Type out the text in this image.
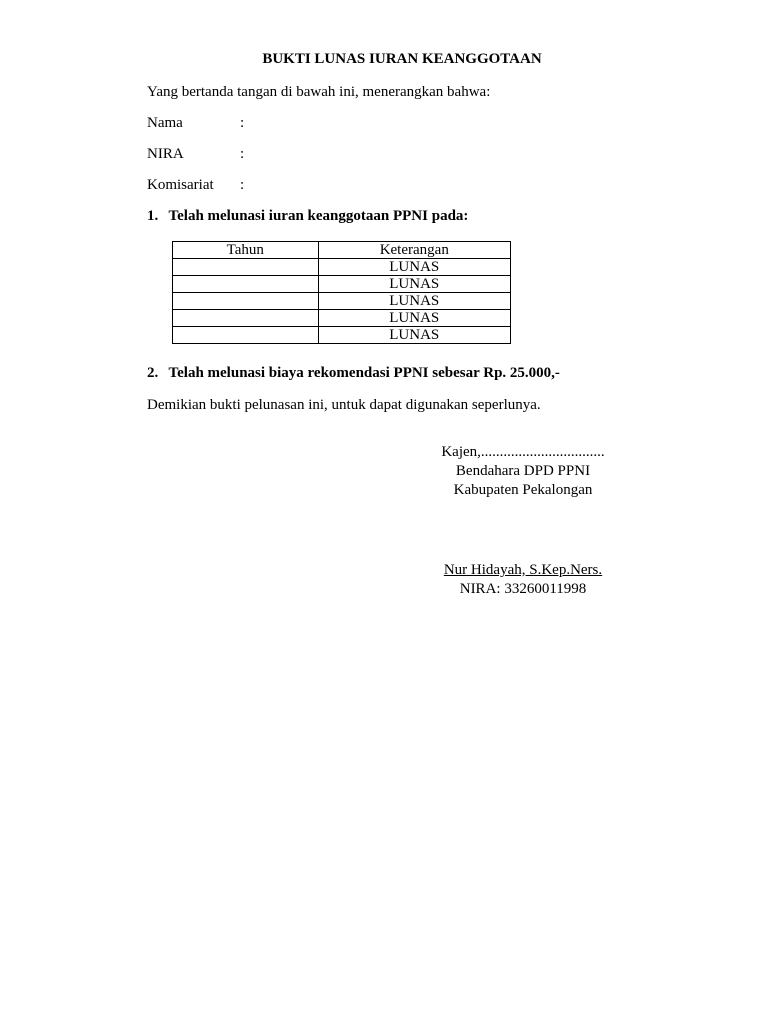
BUKTI LUNAS IURAN KEANGGOTAAN
Yang bertanda tangan di bawah ini, menerangkan bahwa:
Nama	:
NIRA	:
Komisariat	:
1. Telah melunasi iuran keanggotaan PPNI pada:
Tahun	Keterangan
	LUNAS
	LUNAS
	LUNAS
	LUNAS
	LUNAS
2. Telah melunasi biaya rekomendasi PPNI sebesar Rp. 25.000,-
Demikian bukti pelunasan ini, untuk dapat digunakan seperlunya.
Kajen,.................................
Bendahara DPD PPNI
Kabupaten Pekalongan
Nur Hidayah, S.Kep.Ners.
NIRA: 33260011998
